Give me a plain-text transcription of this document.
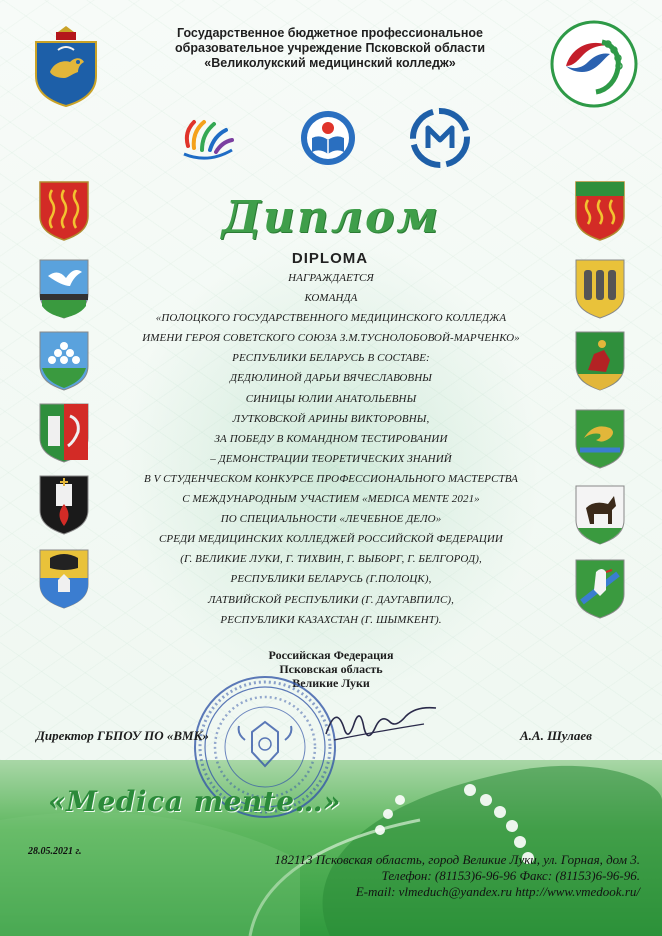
Государственное бюджетное профессиональное
образовательное учреждение Псковской области
«Великолукский медицинский колледж»
Диплом
DIPLOMA
НАГРАЖДАЕТСЯ
КОМАНДА
«ПОЛОЦКОГО ГОСУДАРСТВЕННОГО МЕДИЦИНСКОГО КОЛЛЕДЖА
ИМЕНИ ГЕРОЯ СОВЕТСКОГО СОЮЗА З.М.ТУСНОЛОБОВОЙ-МАРЧЕНКО»
РЕСПУБЛИКИ БЕЛАРУСЬ В СОСТАВЕ:
ДЕДЮЛИНОЙ ДАРЬИ ВЯЧЕСЛАВОВНЫ
СИНИЦЫ ЮЛИИ АНАТОЛЬЕВНЫ
ЛУТКОВСКОЙ АРИНЫ ВИКТОРОВНЫ,
ЗА ПОБЕДУ В КОМАНДНОМ ТЕСТИРОВАНИИ
– ДЕМОНСТРАЦИИ ТЕОРЕТИЧЕСКИХ ЗНАНИЙ
В V СТУДЕНЧЕСКОМ КОНКУРСЕ ПРОФЕССИОНАЛЬНОГО МАСТЕРСТВА
С МЕЖДУНАРОДНЫМ УЧАСТИЕМ «MEDICA MENTE 2021»
ПО СПЕЦИАЛЬНОСТИ «ЛЕЧЕБНОЕ ДЕЛО»
СРЕДИ МЕДИЦИНСКИХ КОЛЛЕДЖЕЙ РОССИЙСКОЙ ФЕДЕРАЦИИ
(Г. ВЕЛИКИЕ ЛУКИ, Г. ТИХВИН, Г. ВЫБОРГ, Г. БЕЛГОРОД),
РЕСПУБЛИКИ БЕЛАРУСЬ (Г.ПОЛОЦК),
ЛАТВИЙСКОЙ РЕСПУБЛИКИ (Г. ДАУГАВПИЛС),
РЕСПУБЛИКИ КАЗАХСТАН (Г. ШЫМКЕНТ).
Российская Федерация
Псковская область
Великие Луки
Директор ГБПОУ ПО «ВМК»	А.А. Шулаев
«Medica mente…»
28.05.2021 г.
182113 Псковская область, город Великие Луки, ул. Горная, дом 3.
Телефон: (81153)6-96-96 Факс: (81153)6-96-96.
E-mail: vlmeduch@yandex.ru http://www.vmedook.ru/
